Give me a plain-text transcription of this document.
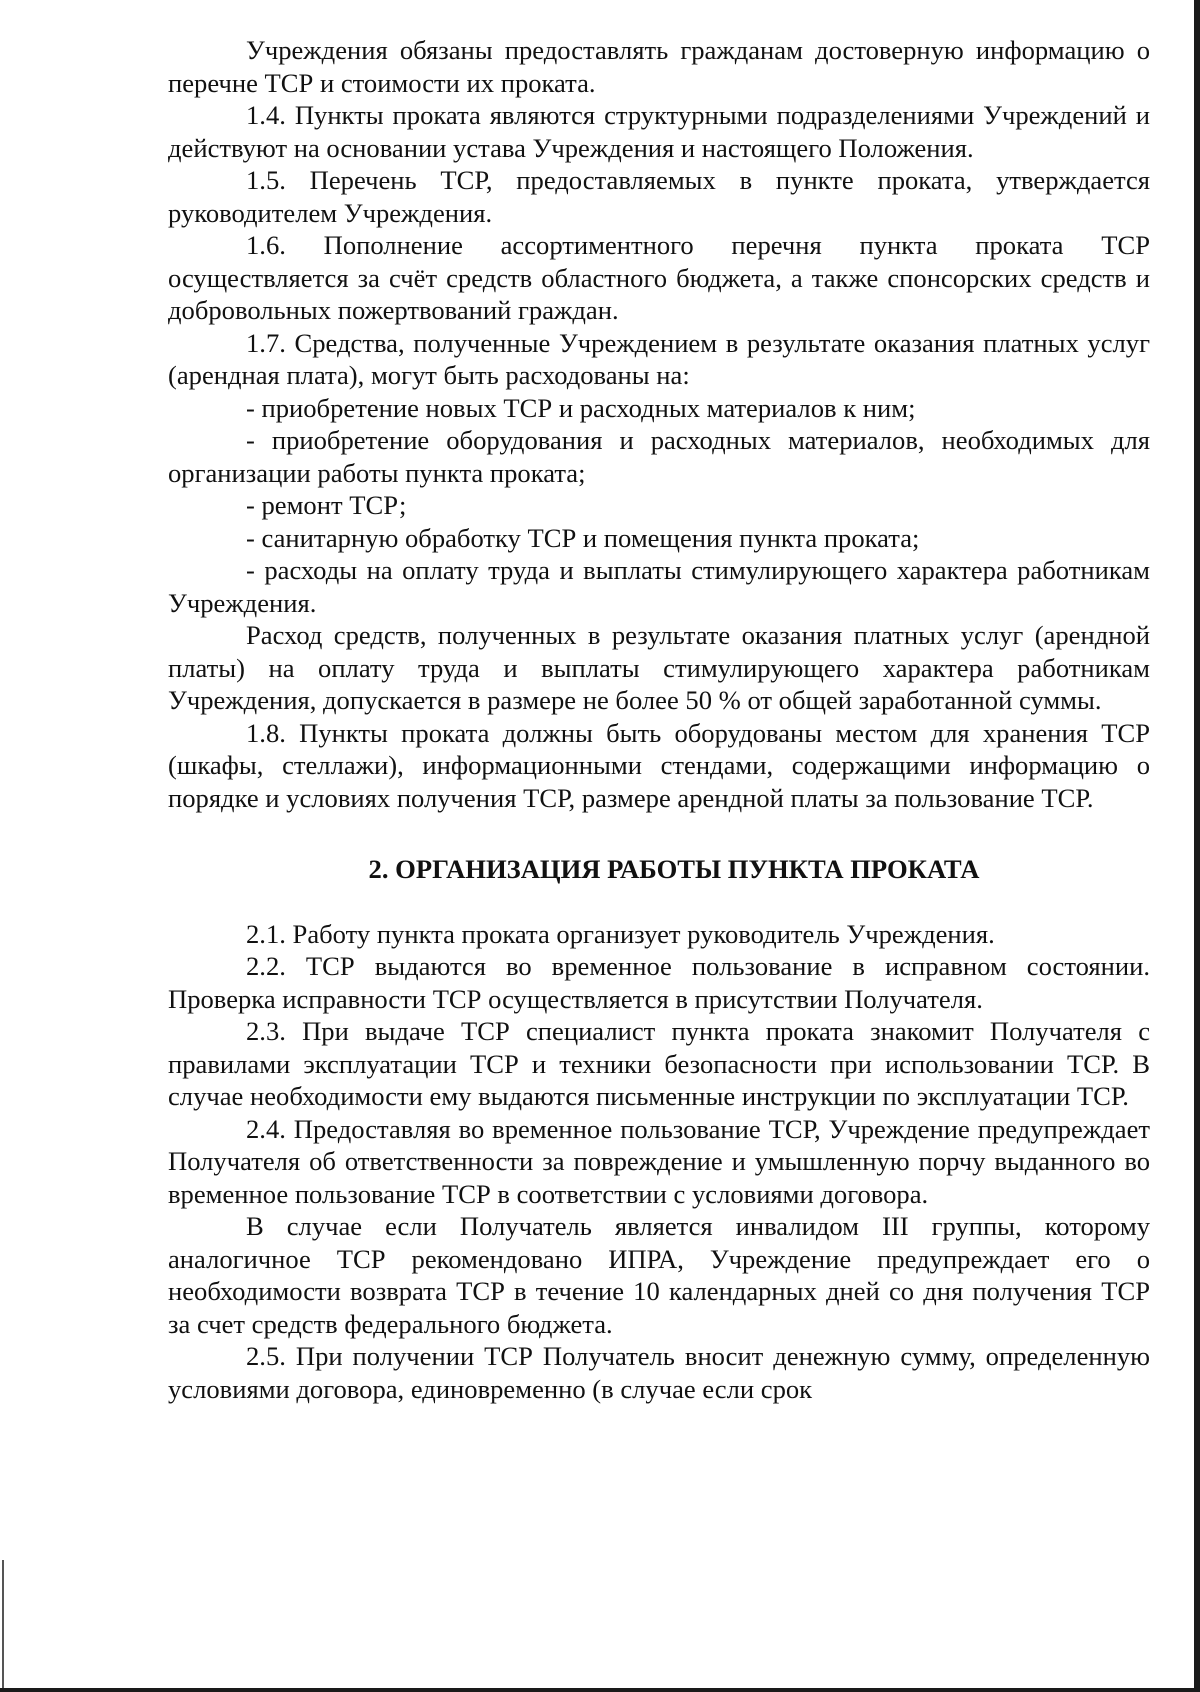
Учреждения обязаны предоставлять гражданам достоверную информацию о перечне ТСР и стоимости их проката.

1.4. Пункты проката являются структурными подразделениями Учреждений и действуют на основании устава Учреждения и настоящего Положения.

1.5. Перечень ТСР, предоставляемых в пункте проката, утверждается руководителем Учреждения.

1.6. Пополнение ассортиментного перечня пункта проката ТСР осуществляется за счёт средств областного бюджета, а также спонсорских средств и добровольных пожертвований граждан.

1.7. Средства, полученные Учреждением в результате оказания платных услуг (арендная плата), могут быть расходованы на:

- приобретение новых ТСР и расходных материалов к ним;

- приобретение оборудования и расходных материалов, необходимых для организации работы пункта проката;

- ремонт ТСР;

- санитарную обработку ТСР и помещения пункта проката;

- расходы на оплату труда и выплаты стимулирующего характера работникам Учреждения.

Расход средств, полученных в результате оказания платных услуг (арендной платы) на оплату труда и выплаты стимулирующего характера работникам Учреждения, допускается в размере не более 50 % от общей заработанной суммы.

1.8. Пункты проката должны быть оборудованы местом для хранения ТСР (шкафы, стеллажи), информационными стендами, содержащими информацию о порядке и условиях получения ТСР, размере арендной платы за пользование ТСР.

2. ОРГАНИЗАЦИЯ РАБОТЫ ПУНКТА ПРОКАТА

2.1. Работу пункта проката организует руководитель Учреждения.

2.2. ТСР выдаются во временное пользование в исправном состоянии. Проверка исправности ТСР осуществляется в присутствии Получателя.

2.3. При выдаче ТСР специалист пункта проката знакомит Получателя с правилами эксплуатации ТСР и техники безопасности при использовании ТСР. В случае необходимости ему выдаются письменные инструкции по эксплуатации ТСР.

2.4. Предоставляя во временное пользование ТСР, Учреждение предупреждает Получателя об ответственности за повреждение и умышленную порчу выданного во временное пользование ТСР в соответствии с условиями договора.

В случае если Получатель является инвалидом III группы, которому аналогичное ТСР рекомендовано ИПРА, Учреждение предупреждает его о необходимости возврата ТСР в течение 10 календарных дней со дня получения ТСР за счет средств федерального бюджета.

2.5. При получении ТСР Получатель вносит денежную сумму, определенную условиями договора, единовременно (в случае если срок
